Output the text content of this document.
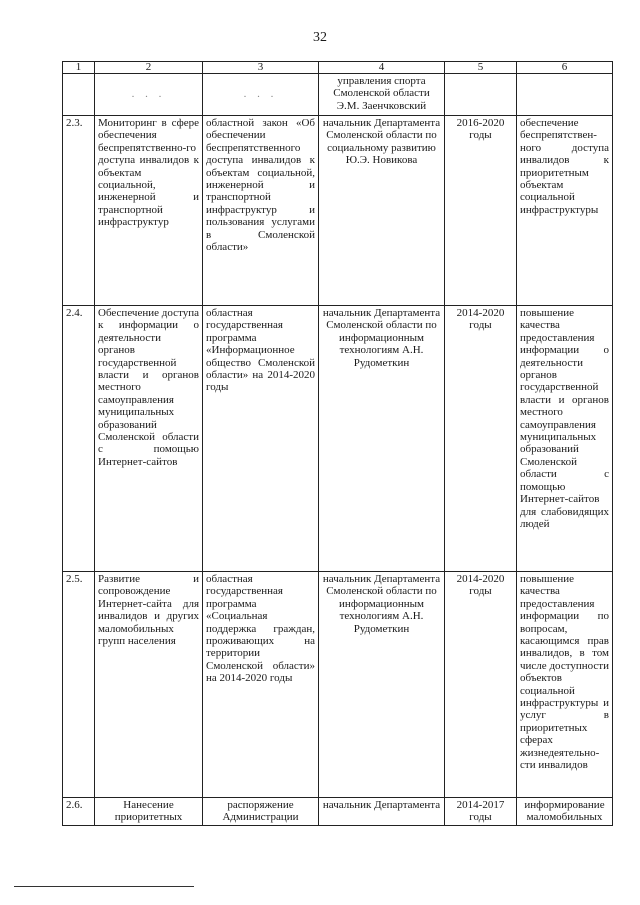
32
1	2	3	4	5	6
	. . .	. . .	управления спорта Смоленской области Э.М. Заенчковский		
2.3.	Мониторинг в сфере обеспечения беспрепятственно-го доступа инвалидов к объектам социальной, инженерной и транспортной инфраструктур	областной закон «Об обеспечении беспрепятственного доступа инвалидов к объектам социальной, инженерной и транспортной инфраструктур и пользования услугами в Смоленской области»	начальник Департамента Смоленской области по социальному развитию Ю.Э. Новикова	2016-2020 годы	обеспечение беспрепятствен-ного доступа инвалидов к приоритетным объектам социальной инфраструктуры
2.4.	Обеспечение доступа к информации о деятельности органов государственной власти и органов местного самоуправления муниципальных образований Смоленской области с помощью Интернет-сайтов	областная государственная программа «Информационное общество Смоленской области» на 2014-2020 годы	начальник Департамента Смоленской области по информационным технологиям А.Н. Рудометкин	2014-2020 годы	повышение качества предоставления информации о деятельности органов государственной власти и органов местного самоуправления муниципальных образований Смоленской области с помощью Интернет-сайтов для слабовидящих людей
2.5.	Развитие и сопровождение Интернет-сайта для инвалидов и других маломобильных групп населения	областная государственная программа «Социальная поддержка граждан, проживающих на территории Смоленской области» на 2014-2020 годы	начальник Департамента Смоленской области по информационным технологиям А.Н. Рудометкин	2014-2020 годы	повышение качества предоставления информации по вопросам, касающимся прав инвалидов, в том числе доступности объектов социальной инфраструктуры и услуг в приоритетных сферах жизнедеятельно-сти инвалидов
2.6.	Нанесение приоритетных	распоряжение Администрации	начальник Департамента	2014-2017 годы	информирование маломобильных
